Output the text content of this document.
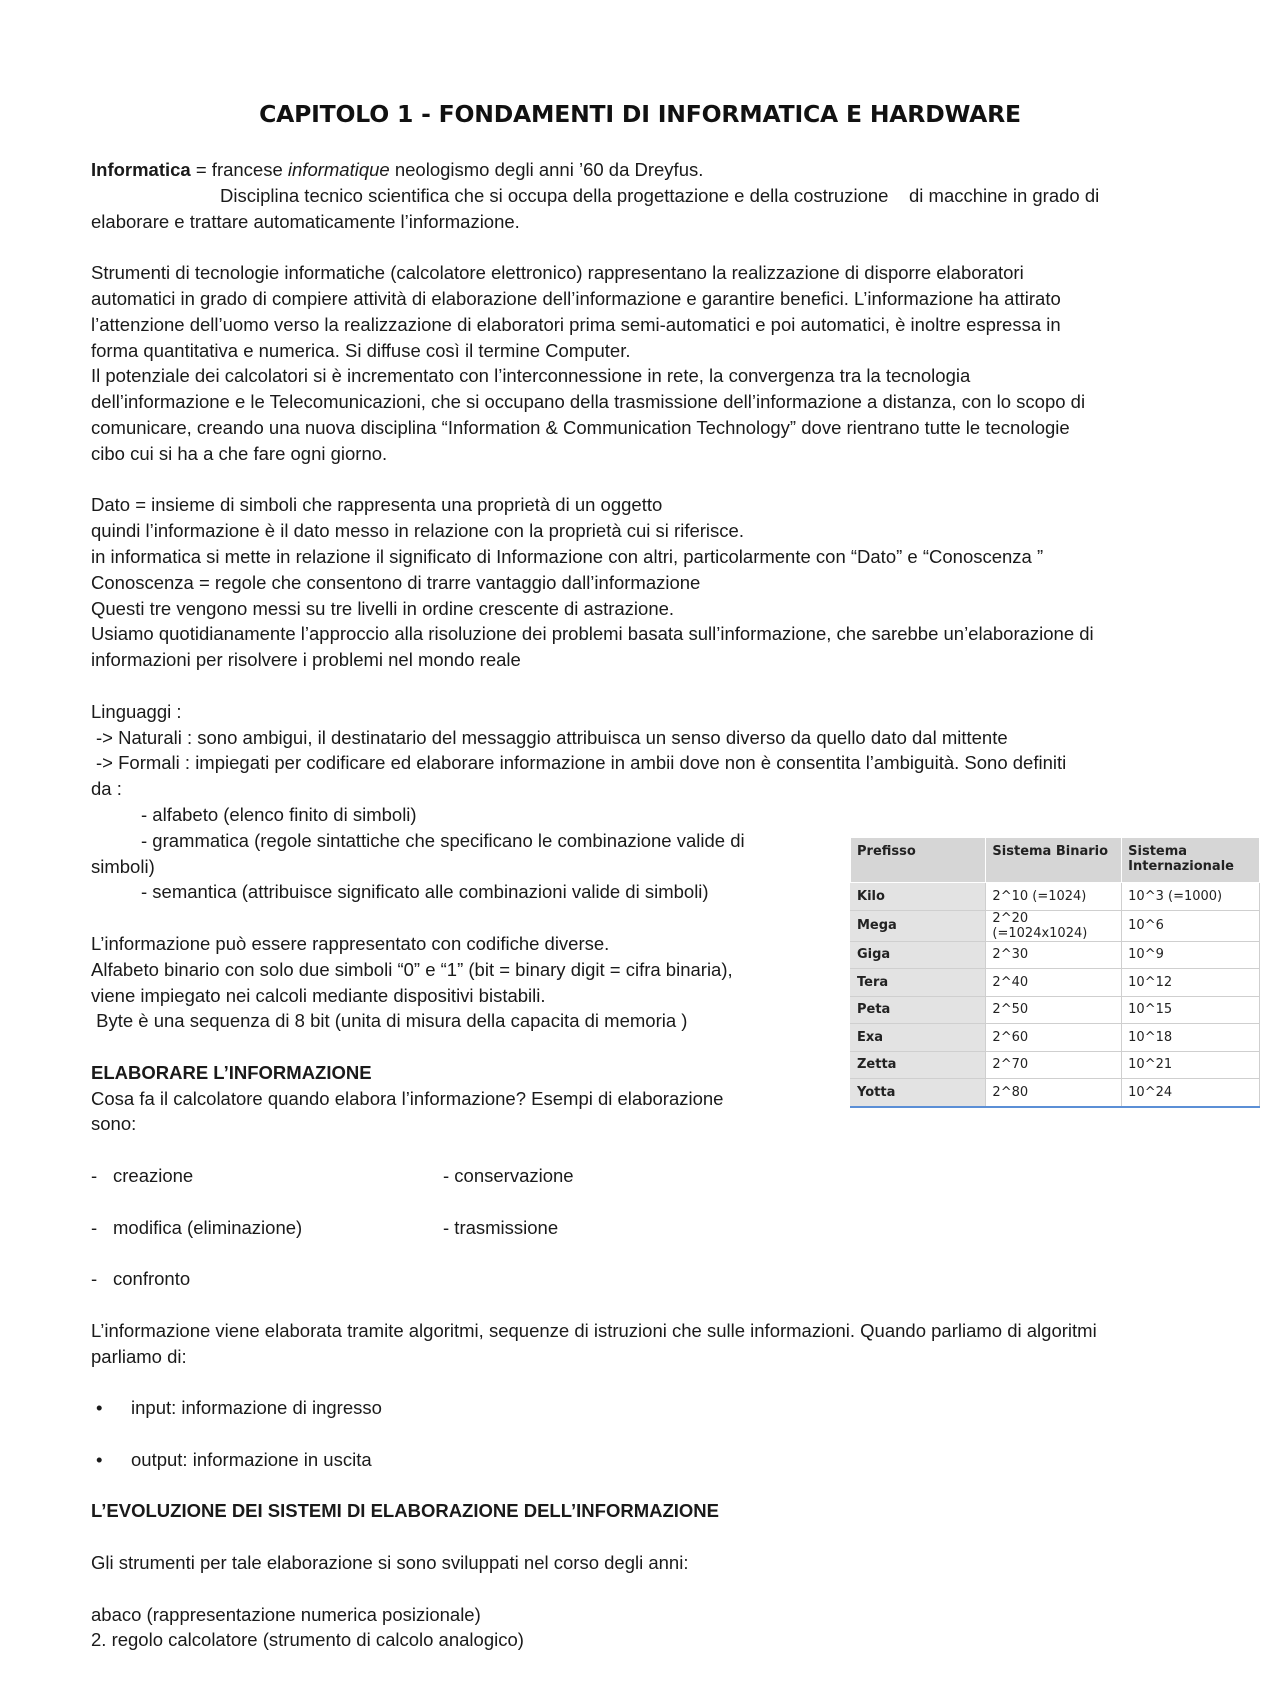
CAPITOLO 1 - FONDAMENTI DI INFORMATICA E HARDWARE

Informatica = francese informatique neologismo degli anni ’60 da Dreyfus.

Disciplina tecnico scientifica che si occupa della progettazione e della costruzione    di macchine in grado di

elaborare e trattare automaticamente l’informazione.

Strumenti di tecnologie informatiche (calcolatore elettronico) rappresentano la realizzazione di disporre elaboratori

automatici in grado di compiere attività di elaborazione dell’informazione e garantire benefici. L’informazione ha attirato

l’attenzione dell’uomo verso la realizzazione di elaboratori prima semi-automatici e poi automatici, è inoltre espressa in

forma quantitativa e numerica. Si diffuse così il termine Computer.

Il potenziale dei calcolatori si è incrementato con l’interconnessione in rete, la convergenza tra la tecnologia

dell’informazione e le Telecomunicazioni, che si occupano della trasmissione dell’informazione a distanza, con lo scopo di

comunicare, creando una nuova disciplina “Information & Communication Technology” dove rientrano tutte le tecnologie

cibo cui si ha a che fare ogni giorno.

Dato = insieme di simboli che rappresenta una proprietà di un oggetto

quindi l’informazione è il dato messo in relazione con la proprietà cui si riferisce.

in informatica si mette in relazione il significato di Informazione con altri, particolarmente con “Dato” e “Conoscenza ”

Conoscenza = regole che consentono di trarre vantaggio dall’informazione

Questi tre vengono messi su tre livelli in ordine crescente di astrazione.

Usiamo quotidianamente l’approccio alla risoluzione dei problemi basata sull’informazione, che sarebbe un’elaborazione di

informazioni per risolvere i problemi nel mondo reale

Linguaggi :

-> Naturali : sono ambigui, il destinatario del messaggio attribuisca un senso diverso da quello dato dal mittente

-> Formali : impiegati per codificare ed elaborare informazione in ambii dove non è consentita l’ambiguità. Sono definiti

da :

- alfabeto (elenco finito di simboli)

- grammatica (regole sintattiche che specificano le combinazione valide di

simboli)

- semantica (attribuisce significato alle combinazioni valide di simboli)

L’informazione può essere rappresentato con codifiche diverse.

Alfabeto binario con solo due simboli “0” e “1” (bit = binary digit = cifra binaria),

viene impiegato nei calcoli mediante dispositivi bistabili.

Byte è una sequenza di 8 bit (unita di misura della capacita di memoria )

ELABORARE L’INFORMAZIONE

Cosa fa il calcolatore quando elabora l’informazione? Esempi di elaborazione

sono:

- creazione	- conservazione
- modifica (eliminazione)	- trasmissione
- confronto

L’informazione viene elaborata tramite algoritmi, sequenze di istruzioni che sulle informazioni. Quando parliamo di algoritmi

parliamo di:

• input: informazione di ingresso

• output: informazione in uscita

L’EVOLUZIONE DEI SISTEMI DI ELABORAZIONE DELL’INFORMAZIONE

Gli strumenti per tale elaborazione si sono sviluppati nel corso degli anni:

abaco (rappresentazione numerica posizionale)

2. regolo calcolatore (strumento di calcolo analogico)

Prefisso	Sistema Binario	Sistema Internazionale
Kilo	2^10 (=1024)	10^3 (=1000)
Mega	2^20 (=1024x1024)	10^6
Giga	2^30	10^9
Tera	2^40	10^12
Peta	2^50	10^15
Exa	2^60	10^18
Zetta	2^70	10^21
Yotta	2^80	10^24
